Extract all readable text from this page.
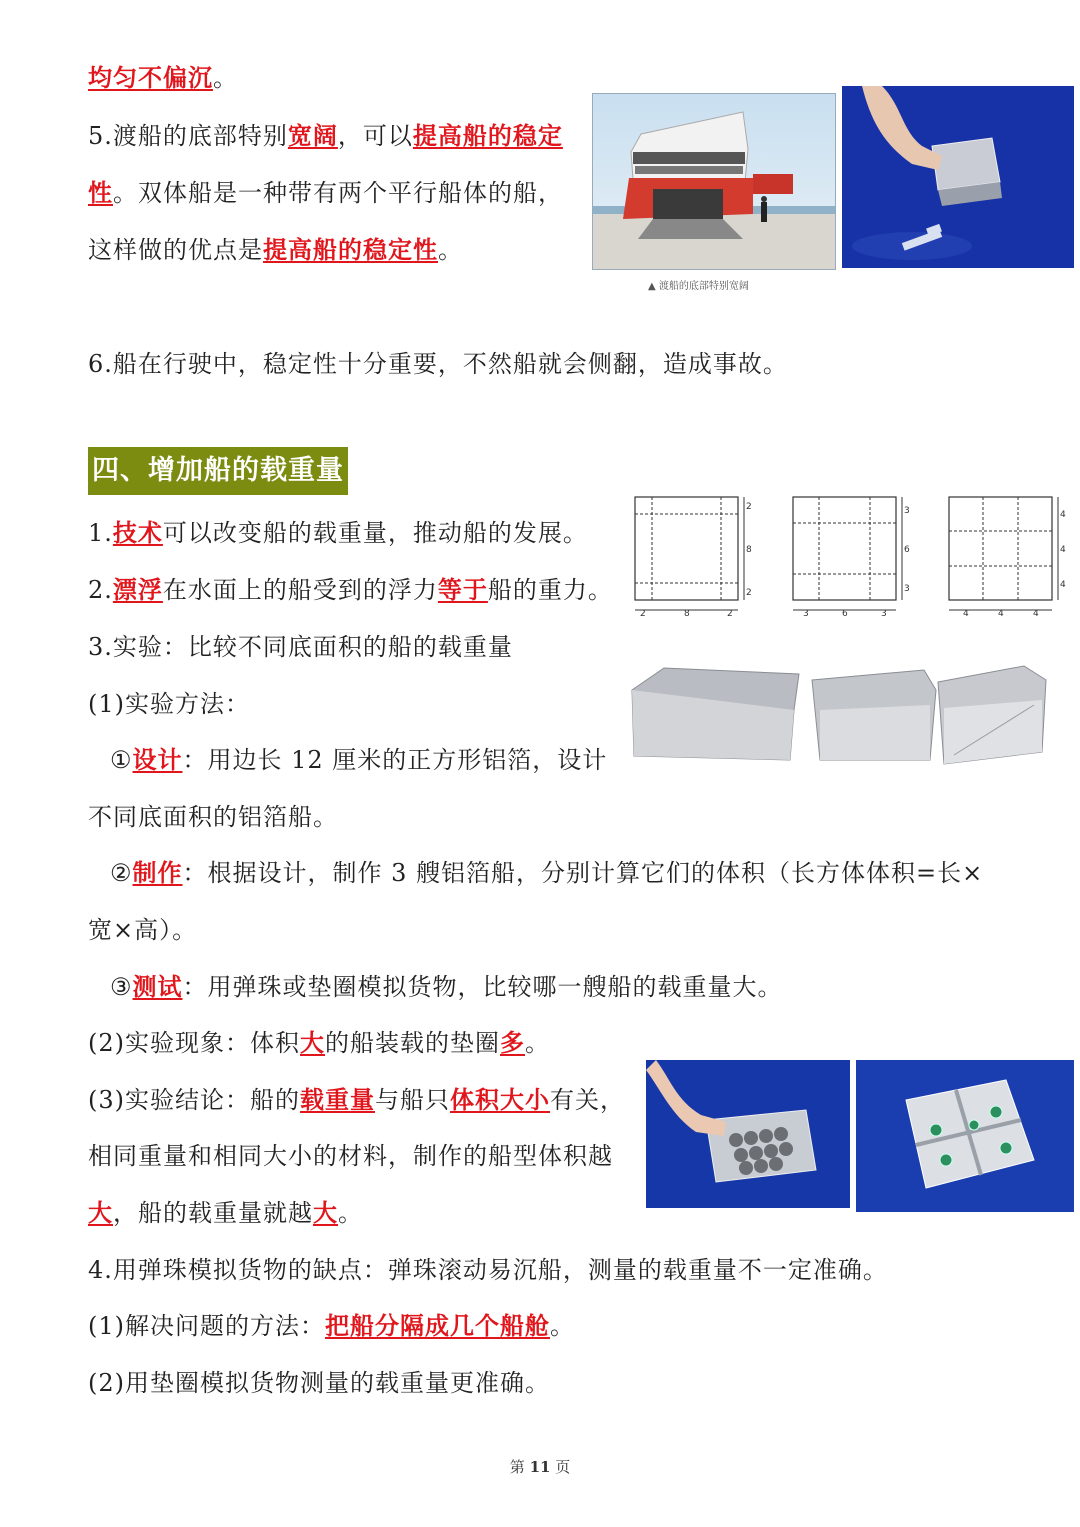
均匀不偏沉。
5.渡船的底部特别宽阔，可以提高船的稳定
性。双体船是一种带有两个平行船体的船，
这样做的优点是提高船的稳定性。
▲ 渡船的底部特别宽阔
6.船在行驶中，稳定性十分重要，不然船就会侧翻，造成事故。
四、增加船的载重量
1.技术可以改变船的载重量，推动船的发展。
2.漂浮在水面上的船受到的浮力等于船的重力。
2
8
2
2	8	2
3
6
3
3	6	3
4
4
4
4	4	4
3.实验：比较不同底面积的船的载重量
(1)实验方法：
①设计：用边长 12 厘米的正方形铝箔，设计
不同底面积的铝箔船。
②制作：根据设计，制作 3 艘铝箔船，分别计算它们的体积（长方体体积=长×
宽×高）。
③测试：用弹珠或垫圈模拟货物，比较哪一艘船的载重量大。
(2)实验现象：体积大的船装载的垫圈多。
(3)实验结论：船的载重量与船只体积大小有关，
相同重量和相同大小的材料，制作的船型体积越
大，船的载重量就越大。
4.用弹珠模拟货物的缺点：弹珠滚动易沉船，测量的载重量不一定准确。
(1)解决问题的方法：把船分隔成几个船舱。
(2)用垫圈模拟货物测量的载重量更准确。
第 11 页
